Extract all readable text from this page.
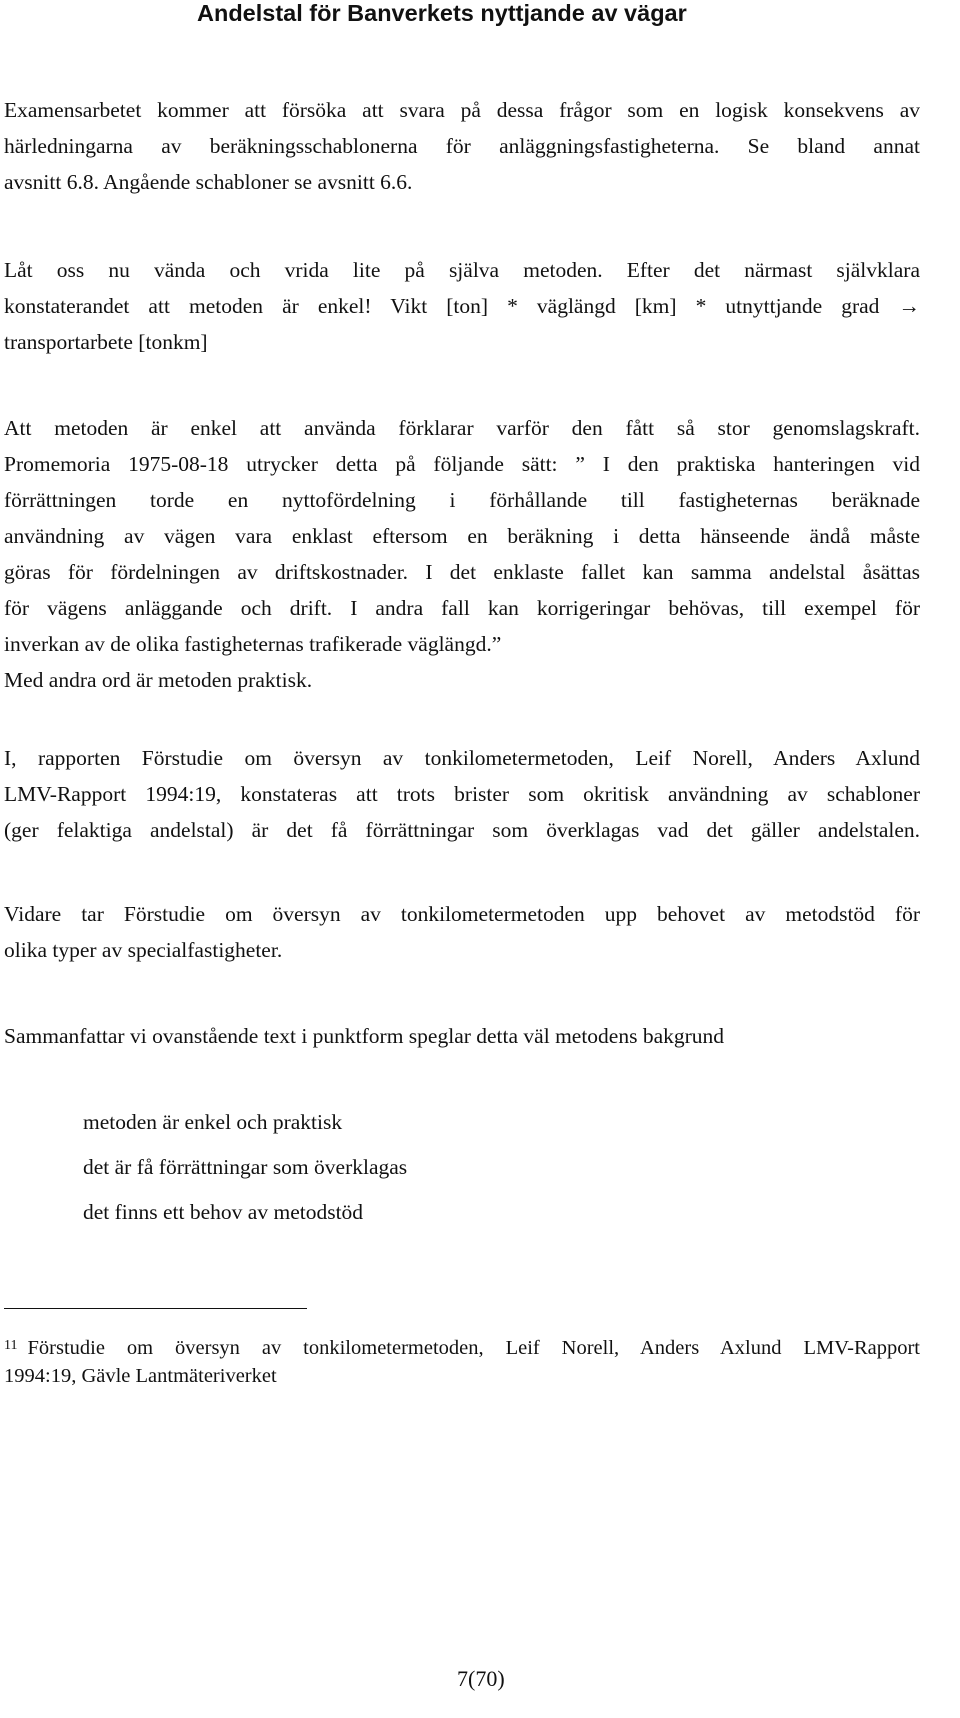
Andelstal för Banverkets nyttjande av vägar
Examensarbetet kommer att försöka att svara på dessa frågor som en logisk konsekvens av
härledningarna av beräkningsschablonerna för anläggningsfastigheterna. Se bland annat
avsnitt 6.8. Angående schabloner se avsnitt 6.6.
Låt oss nu vända och vrida lite på själva metoden. Efter det närmast självklara
konstaterandet att metoden är enkel! Vikt [ton] * väglängd [km] * utnyttjande grad →
transportarbete [tonkm]
Att metoden är enkel att använda förklarar varför den fått så stor genomslagskraft.
Promemoria 1975-08-18 utrycker detta på följande sätt: ” I den praktiska hanteringen vid
förrättningen torde en nyttofördelning i förhållande till fastigheternas beräknade
användning av vägen vara enklast eftersom en beräkning i detta hänseende ändå måste
göras för fördelningen av driftskostnader. I det enklaste fallet kan samma andelstal åsättas
för vägens anläggande och drift. I andra fall kan korrigeringar behövas, till exempel för
inverkan av de olika fastigheternas trafikerade väglängd.”
Med andra ord är metoden praktisk.
I, rapporten Förstudie om översyn av tonkilometermetoden, Leif Norell, Anders Axlund
LMV-Rapport 1994:19, konstateras att trots brister som okritisk användning av schabloner
(ger felaktiga andelstal) är det få förrättningar som överklagas vad det gäller andelstalen.
Vidare tar Förstudie om översyn av tonkilometermetoden upp behovet av metodstöd för
olika typer av specialfastigheter.
Sammanfattar vi ovanstående text i punktform speglar detta väl metodens bakgrund
metoden är enkel och praktisk
det är få förrättningar som överklagas
det finns ett behov av metodstöd
$^{11}$ Förstudie om översyn av tonkilometermetoden, Leif Norell, Anders Axlund LMV-Rapport
1994:19, Gävle Lantmäteriverket
7(70)
